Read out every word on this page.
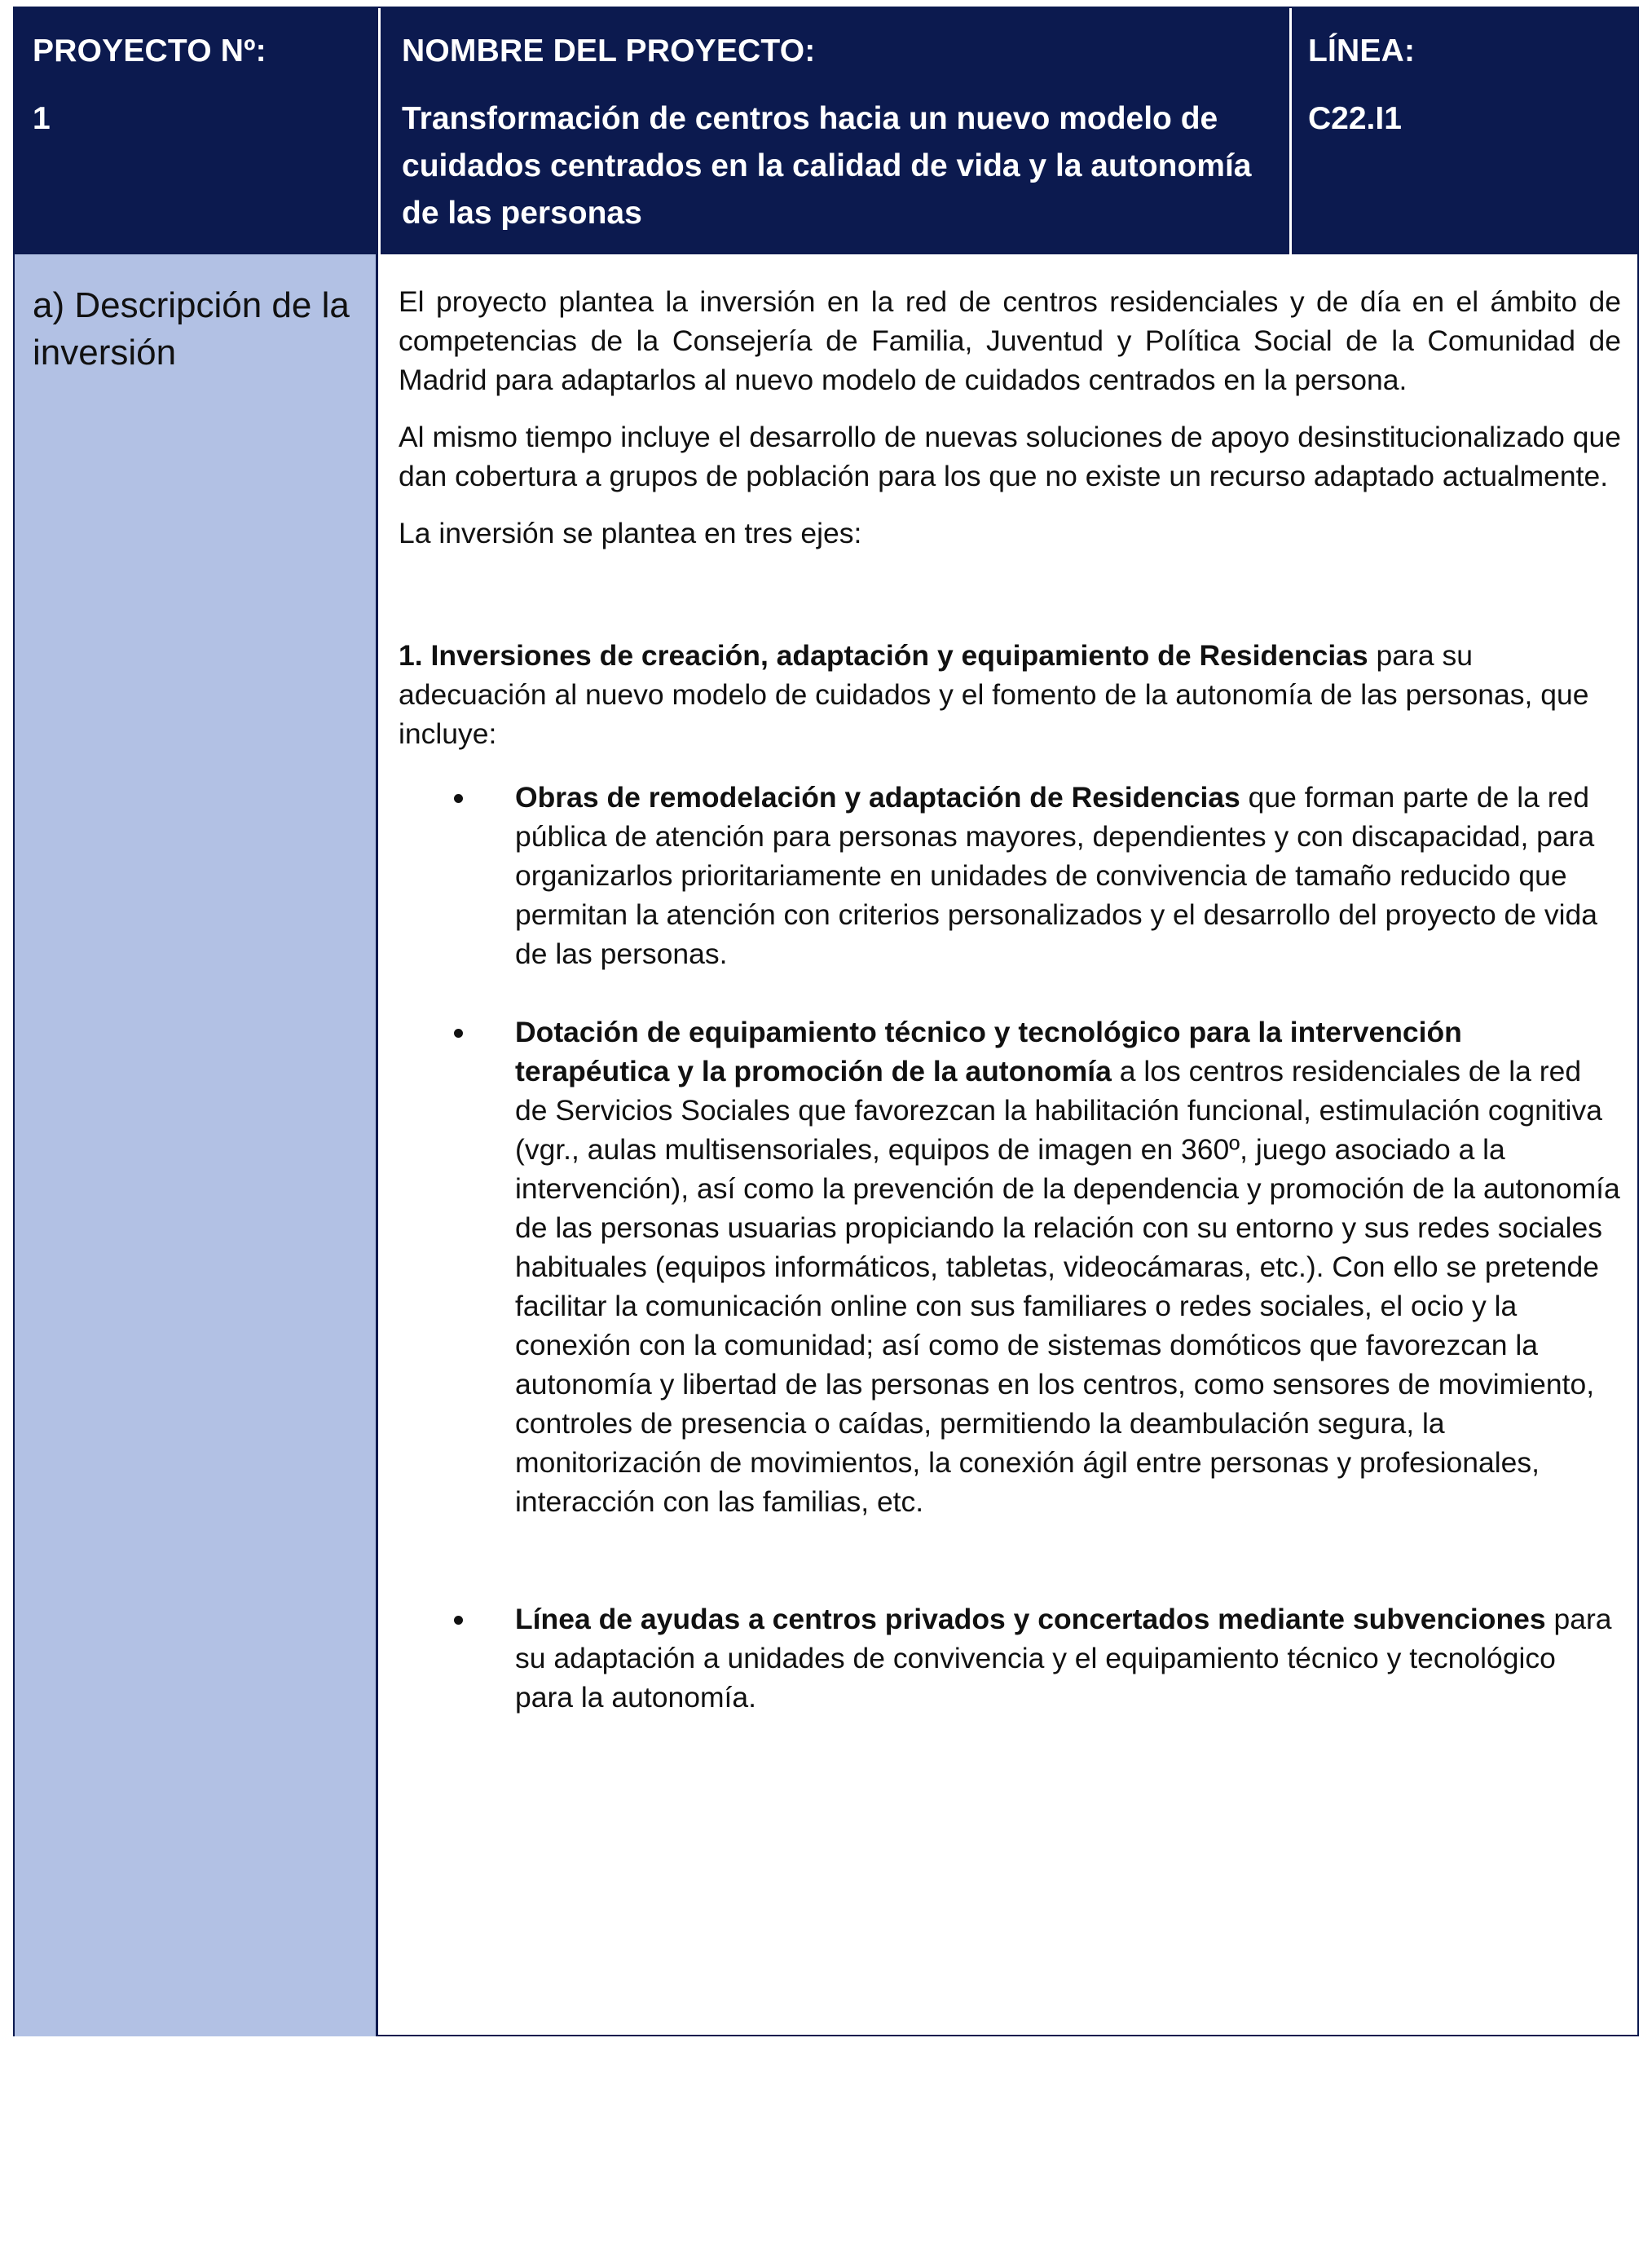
PROYECTO Nº:

1

NOMBRE DEL PROYECTO:

Transformación de centros hacia un nuevo modelo de cuidados centrados en la calidad de vida y la autonomía de las personas

LÍNEA:

C22.I1

a) Descripción de la inversión

El proyecto plantea la inversión en la red de centros residenciales y de día en el ámbito de competencias de la Consejería de Familia, Juventud y Política Social de la Comunidad de Madrid para adaptarlos al nuevo modelo de cuidados centrados en la persona.

Al mismo tiempo incluye el desarrollo de nuevas soluciones de apoyo desinstitucionalizado que dan cobertura a grupos de población para los que no existe un recurso adaptado actualmente.

La inversión se plantea en tres ejes:

1. Inversiones de creación, adaptación y equipamiento de Residencias para su adecuación al nuevo modelo de cuidados y el fomento de la autonomía de las personas, que incluye:

Obras de remodelación y adaptación de Residencias que forman parte de la red pública de atención para personas mayores, dependientes y con discapacidad, para organizarlos prioritariamente en unidades de convivencia de tamaño reducido que permitan la atención con criterios personalizados y el desarrollo del proyecto de vida de las personas.
Dotación de equipamiento técnico y tecnológico para la intervención terapéutica y la promoción de la autonomía a los centros residenciales de la red de Servicios Sociales que favorezcan la habilitación funcional, estimulación cognitiva (vgr., aulas multisensoriales, equipos de imagen en 360º, juego asociado a la intervención), así como la prevención de la dependencia y promoción de la autonomía de las personas usuarias propiciando la relación con su entorno y sus redes sociales habituales (equipos informáticos, tabletas, videocámaras, etc.). Con ello se pretende facilitar la comunicación online con sus familiares o redes sociales, el ocio y la conexión con la comunidad; así como de sistemas domóticos que favorezcan la autonomía y libertad de las personas en los centros, como sensores de movimiento, controles de presencia o caídas, permitiendo la deambulación segura, la monitorización de movimientos, la conexión ágil entre personas y profesionales, interacción con las familias, etc.
Línea de ayudas a centros privados y concertados mediante subvenciones para su adaptación a unidades de convivencia y el equipamiento técnico y tecnológico para la autonomía.
